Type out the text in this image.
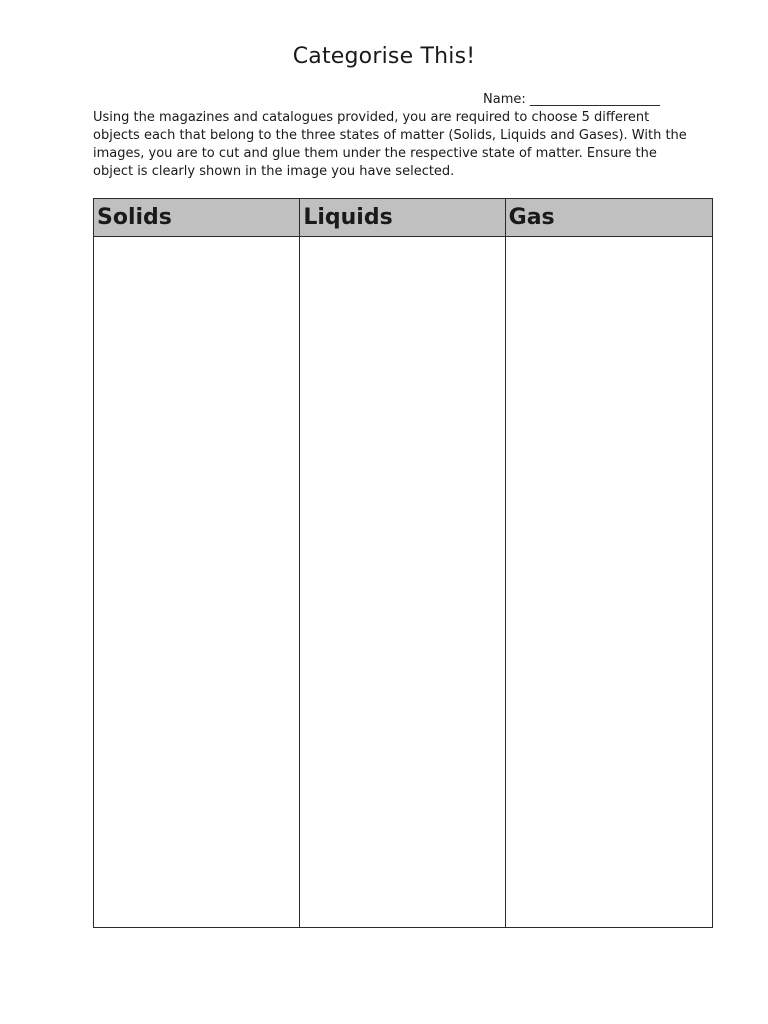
Categorise This!
Name: ____________________

Using the magazines and catalogues provided, you are required to choose 5 different
objects each that belong to the three states of matter (Solids, Liquids and Gases). With the
images, you are to cut and glue them under the respective state of matter. Ensure the
object is clearly shown in the image you have selected.

Solids	Liquids	Gas
